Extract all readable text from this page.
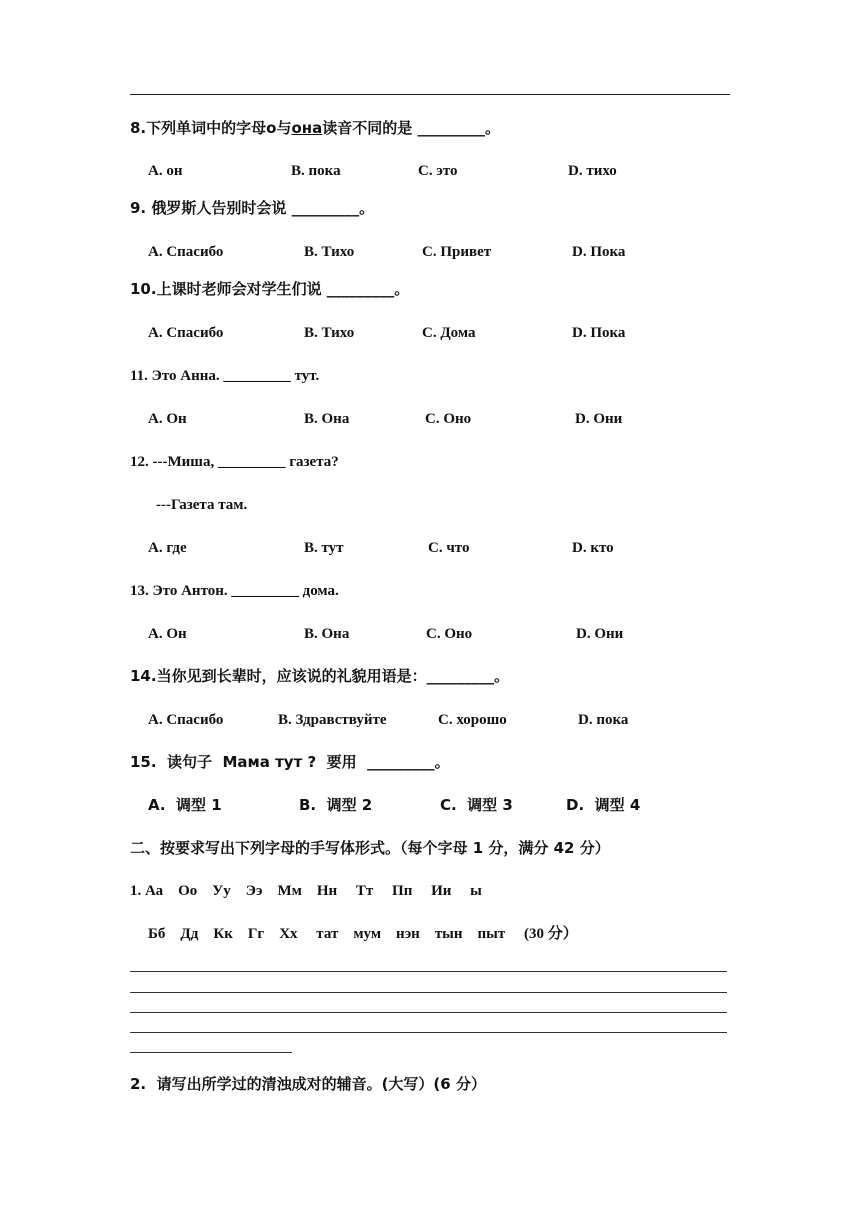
8.下列单词中的字母о与она读音不同的是 _________。
A. он	B. пока	C. это	D. тихо
9. 俄罗斯人告别时会说 _________。
A. Спасибо	B. Тихо	C. Привет	D. Пока
10.上课时老师会对学生们说 _________。
A. Спасибо	B. Тихо	C. Дома	D. Пока
11. Это Анна. _________ тут.
A. Он	B. Она	C. Оно	D. Они
12. ---Миша, _________ газета?
---Газета там.
A. где	B. тут	C. что	D. кто
13. Это Антон. _________ дома.
A. Он	B. Она	C. Оно	D. Они
14.当你见到长辈时，应该说的礼貌用语是：_________。
A. Спасибо	B. Здравствуйте	C. хорошо	D. пока
15.  读句子  Мама тут ?  要用  _________。
A.  调型 1	B.  调型 2	C.  调型 3	D.  调型 4
二、按要求写出下列字母的手写体形式。（每个字母 1 分，满分 42 分）
1. Аа    Оо    Уу    Ээ    Мм    Нн     Тт     Пп     Ии     ы
Бб    Дд    Кк    Гг    Хх     тат    мум    нэн    тын    пыт     (30 分）
2.  请写出所学过的清浊成对的辅音。(大写）(6 分）
